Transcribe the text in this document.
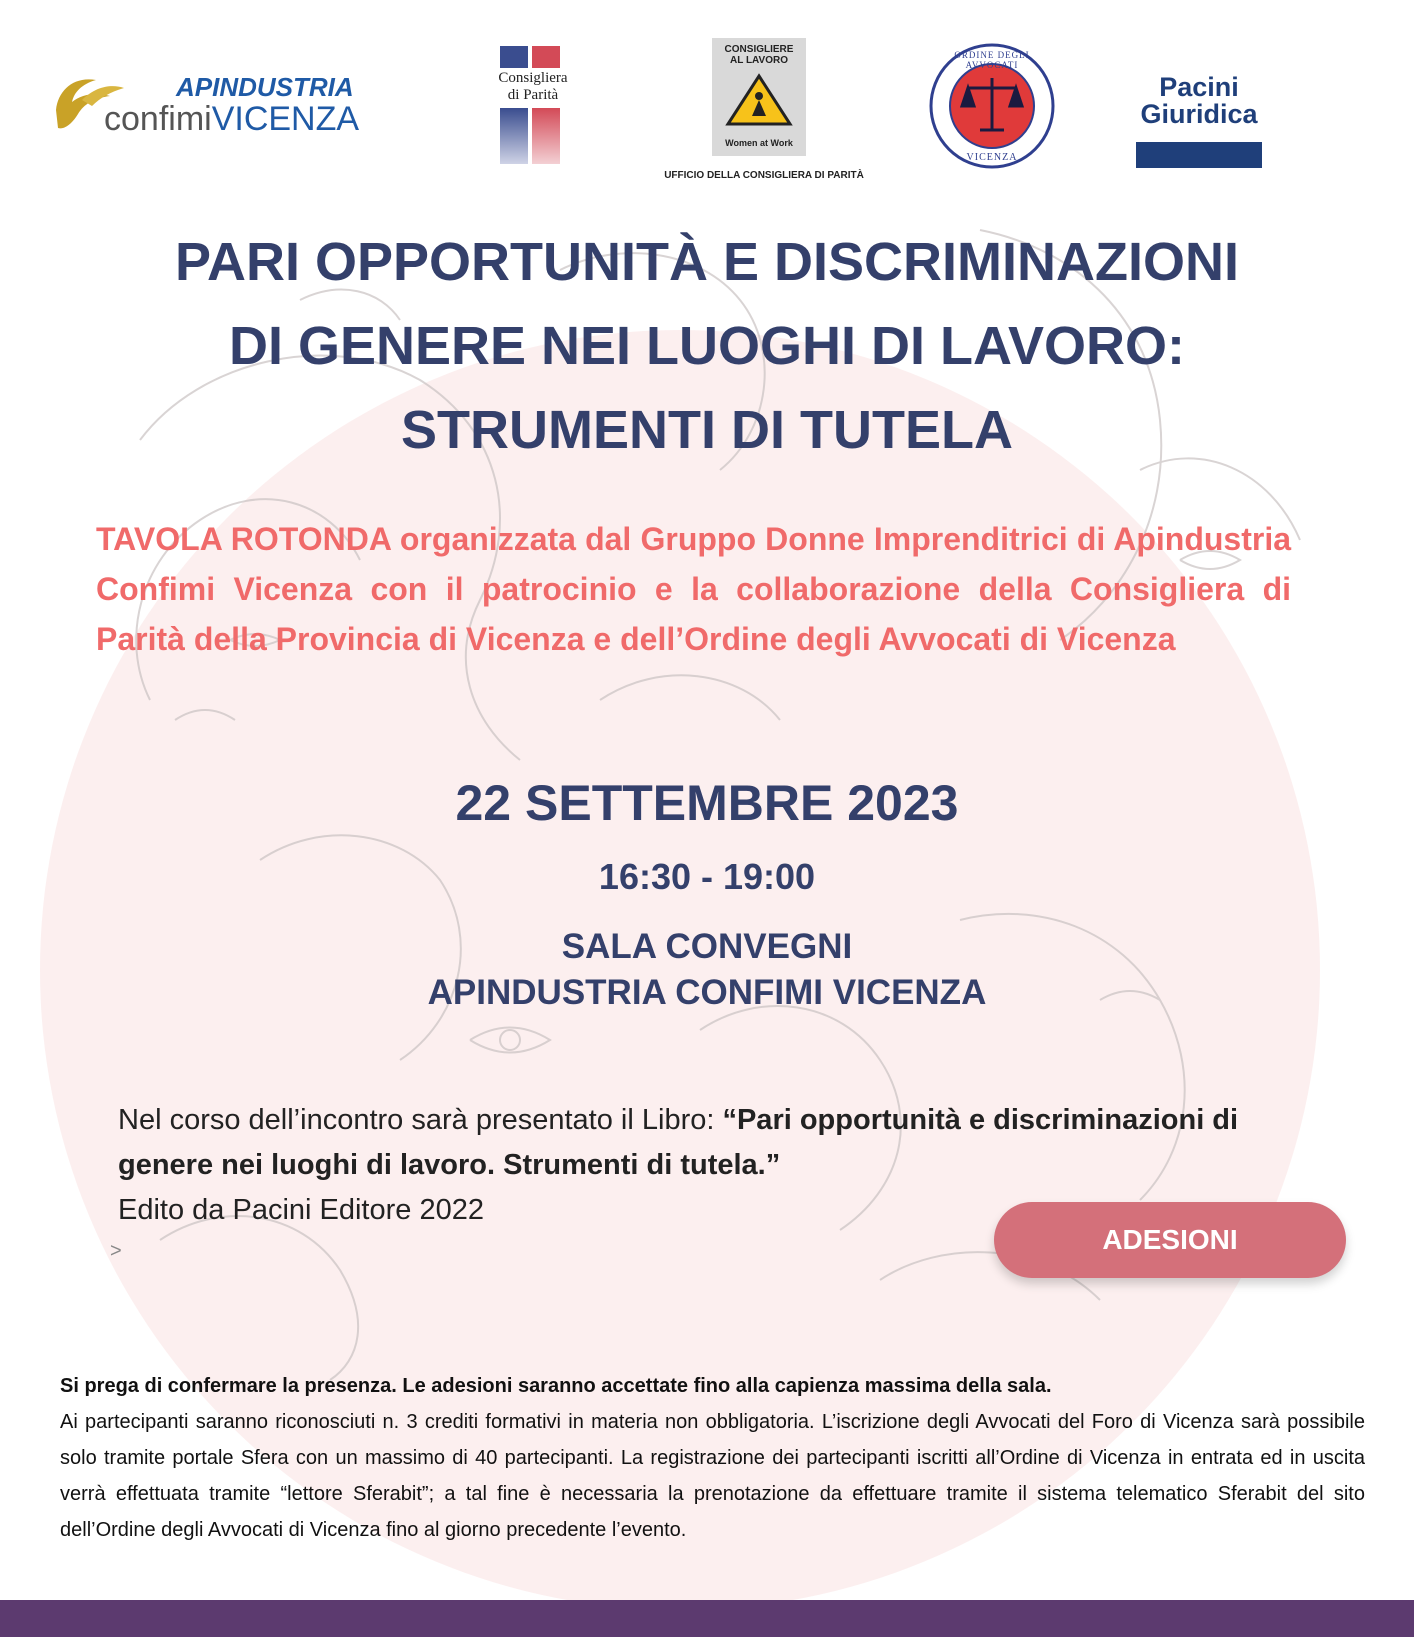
APINDUSTRIA
confimiVICENZA
Consigliera
di Parità
CONSIGLIERE
AL LAVORO
Women at Work
UFFICIO DELLA CONSIGLIERA DI PARITÀ
ORDINE DEGLI AVVOCATI
VICENZA
Pacini
Giuridica
PARI OPPORTUNITÀ E DISCRIMINAZIONI
DI GENERE NEI LUOGHI DI LAVORO:
STRUMENTI DI TUTELA
TAVOLA ROTONDA organizzata dal Gruppo Donne Imprenditrici di Apindustria Confimi Vicenza con il patrocinio e la collaborazione della Consigliera di Parità della Provincia di Vicenza e dell’Ordine degli Avvocati di Vicenza
22 SETTEMBRE 2023
16:30 - 19:00
SALA CONVEGNI
APINDUSTRIA CONFIMI VICENZA
Nel corso dell’incontro sarà presentato il Libro: “Pari opportunità e discriminazioni di genere nei luoghi di lavoro. Strumenti di tutela.”
Edito da Pacini Editore 2022
>	ADESIONI
Si prega di confermare la presenza. Le adesioni saranno accettate fino alla capienza massima della sala.
Ai partecipanti saranno riconosciuti n. 3 crediti formativi in materia non obbligatoria. L’iscrizione degli Avvocati del Foro di Vicenza sarà possibile solo tramite portale Sfera con un massimo di 40 partecipanti. La registrazione dei partecipanti iscritti all’Ordine di Vicenza in entrata ed in uscita verrà effettuata tramite “lettore Sferabit”; a tal fine è necessaria la prenotazione da effettuare tramite il sistema telematico Sferabit del sito dell’Ordine degli Avvocati di Vicenza fino al giorno precedente l’evento.
